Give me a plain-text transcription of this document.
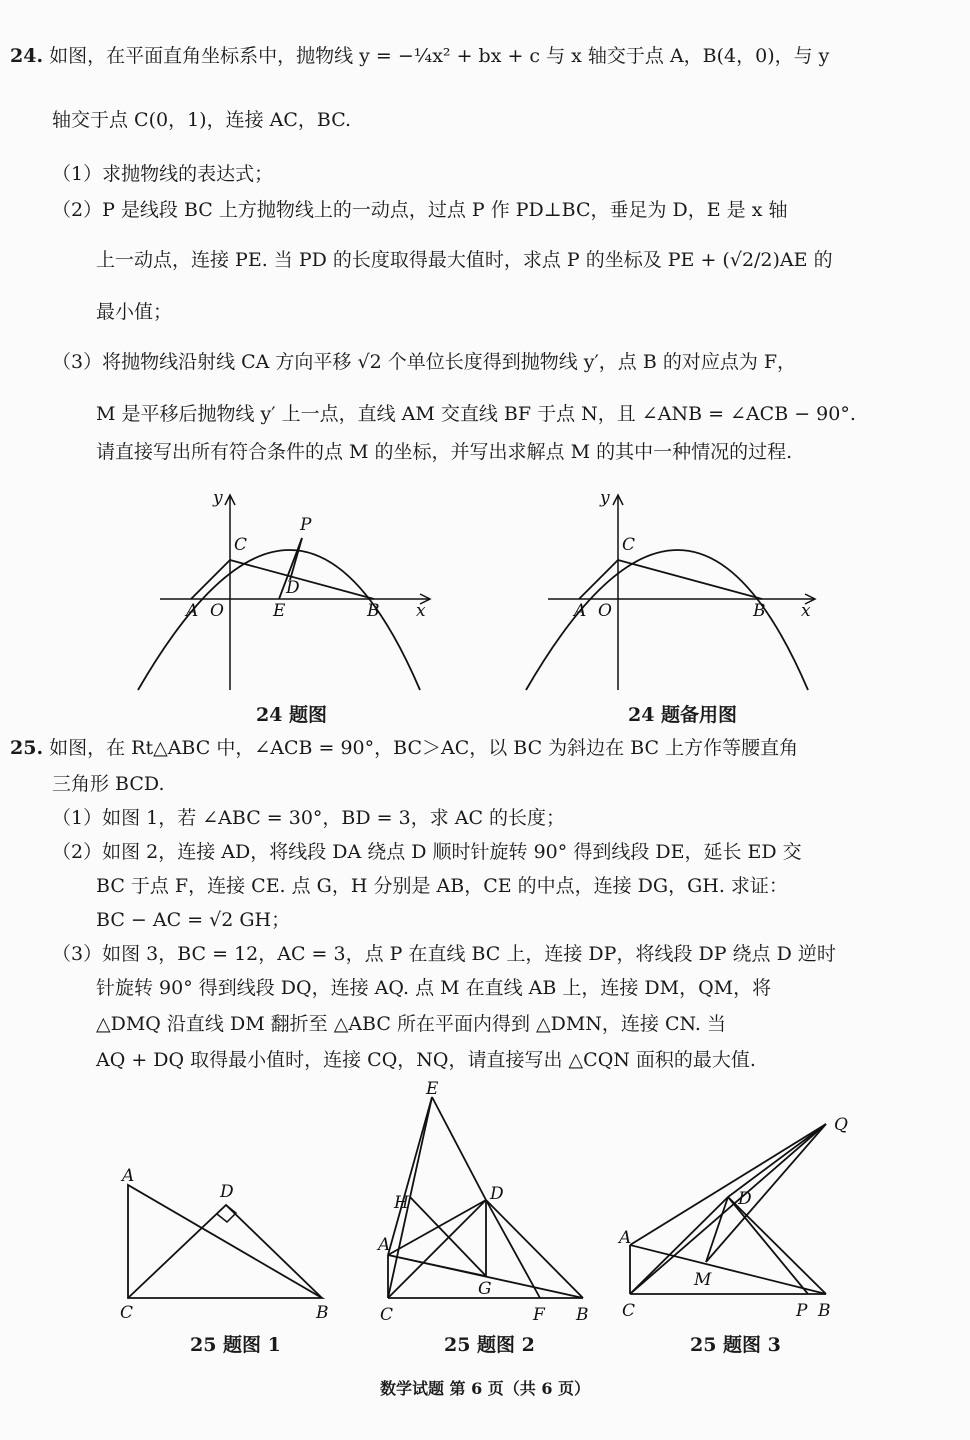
24. 如图，在平面直角坐标系中，抛物线 y = −¼x² + bx + c 与 x 轴交于点 A，B(4，0)，与 y
轴交于点 C(0，1)，连接 AC，BC.
（1）求抛物线的表达式；
（2）P 是线段 BC 上方抛物线上的一动点，过点 P 作 PD⊥BC，垂足为 D，E 是 x 轴
上一动点，连接 PE. 当 PD 的长度取得最大值时，求点 P 的坐标及 PE + (√2/2)AE 的
最小值；
（3）将抛物线沿射线 CA 方向平移 √2 个单位长度得到抛物线 y′，点 B 的对应点为 F，
M 是平移后抛物线 y′ 上一点，直线 AM 交直线 BF 于点 N，且 ∠ANB = ∠ACB − 90°.
请直接写出所有符合条件的点 M 的坐标，并写出求解点 M 的其中一种情况的过程.
y
x
C
P
D
A O	E	B
y
x
C
A O	B
24 题图	24 题备用图
25. 如图，在 Rt△ABC 中，∠ACB = 90°，BC＞AC，以 BC 为斜边在 BC 上方作等腰直角
三角形 BCD.
（1）如图 1，若 ∠ABC = 30°，BD = 3，求 AC 的长度；
（2）如图 2，连接 AD，将线段 DA 绕点 D 顺时针旋转 90° 得到线段 DE，延长 ED 交
BC 于点 F，连接 CE. 点 G，H 分别是 AB，CE 的中点，连接 DG，GH. 求证：
BC − AC = √2 GH；
（3）如图 3，BC = 12，AC = 3，点 P 在直线 BC 上，连接 DP，将线段 DP 绕点 D 逆时
针旋转 90° 得到线段 DQ，连接 AQ. 点 M 在直线 AB 上，连接 DM，QM，将
△DMQ 沿直线 DM 翻折至 △ABC 所在平面内得到 △DMN，连接 CN. 当
AQ + DQ 取得最小值时，连接 CQ，NQ，请直接写出 △CQN 面积的最大值.
A
D
C	B
E
H	D
A
G
C	F B
Q
D
A
M
C	P B
25 题图 1	25 题图 2	25 题图 3
数学试题 第 6 页（共 6 页）
